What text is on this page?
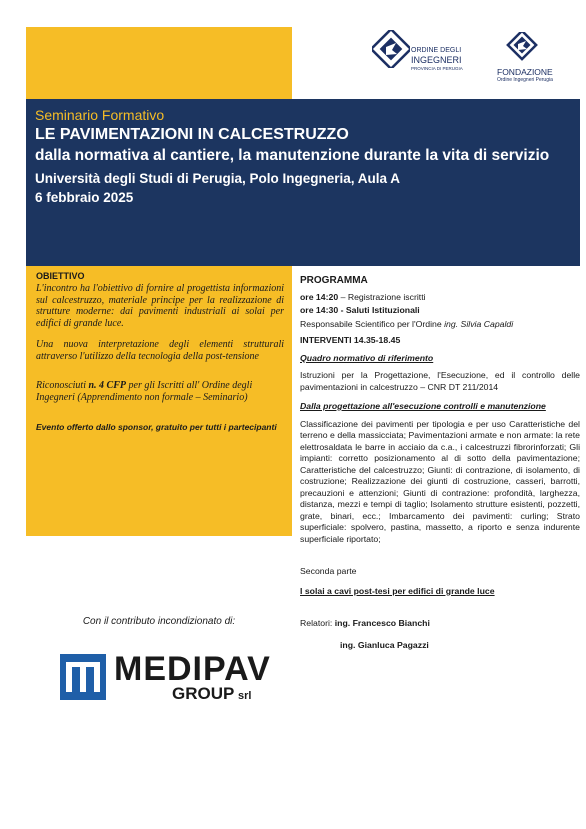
ORDINE DEGLI
INGEGNERI
PROVINCIA DI PERUGIA	FONDAZIONE
Ordine Ingegneri Perugia
Seminario Formativo
LE PAVIMENTAZIONI IN CALCESTRUZZO
dalla normativa al cantiere, la manutenzione durante la vita di servizio
Università degli Studi di Perugia, Polo Ingegneria, Aula A
6 febbraio 2025
OBIETTIVO
L'incontro ha l'obiettivo di fornire al progettista informazioni sul calcestruzzo, materiale principe per la realizzazione di strutture moderne: dai pavimenti industriali ai solai per edifici di grande luce.
Una nuova interpretazione degli elementi strutturali attraverso l'utilizzo della tecnologia della post-tensione
Riconosciuti n. 4 CFP per gli Iscritti all' Ordine degli Ingegneri (Apprendimento non formale – Seminario)
Evento offerto dallo sponsor, gratuito per tutti i partecipanti
Con il contributo incondizionato di:
MEDIPAV
GROUP srl
PROGRAMMA
ore 14:20 – Registrazione iscritti
ore 14:30 - Saluti Istituzionali
Responsabile Scientifico per l'Ordine ing. Silvia Capaldi
INTERVENTI 14.35-18.45
Quadro normativo di riferimento
Istruzioni per la Progettazione, l'Esecuzione, ed il controllo delle pavimentazioni in calcestruzzo – CNR DT 211/2014
Dalla progettazione all'esecuzione controlli e manutenzione
Classificazione dei pavimenti per tipologia e per uso Caratteristiche del terreno e della massicciata; Pavimentazioni armate e non armate: la rete elettrosaldata le barre in acciaio da c.a., i calcestruzzi fibrorinforzati; Gli impianti: corretto posizionamento al di sotto della pavimentazione; Caratteristiche del calcestruzzo; Giunti: di contrazione, di isolamento, di costruzione; Realizzazione dei giunti di costruzione, casseri, barrotti, precauzioni e attenzioni; Giunti di contrazione: profondità, larghezza, distanza, mezzi e tempi di taglio; Isolamento strutture esistenti, pozzetti, grate, binari, ecc.; Imbarcamento dei pavimenti: curling; Strato superficiale: spolvero, pastina, massetto, a riporto e senza indurente superficiale riportato;
Seconda parte
I solai a cavi post-tesi per edifici di grande luce
Relatori: ing. Francesco Bianchi
ing. Gianluca Pagazzi
